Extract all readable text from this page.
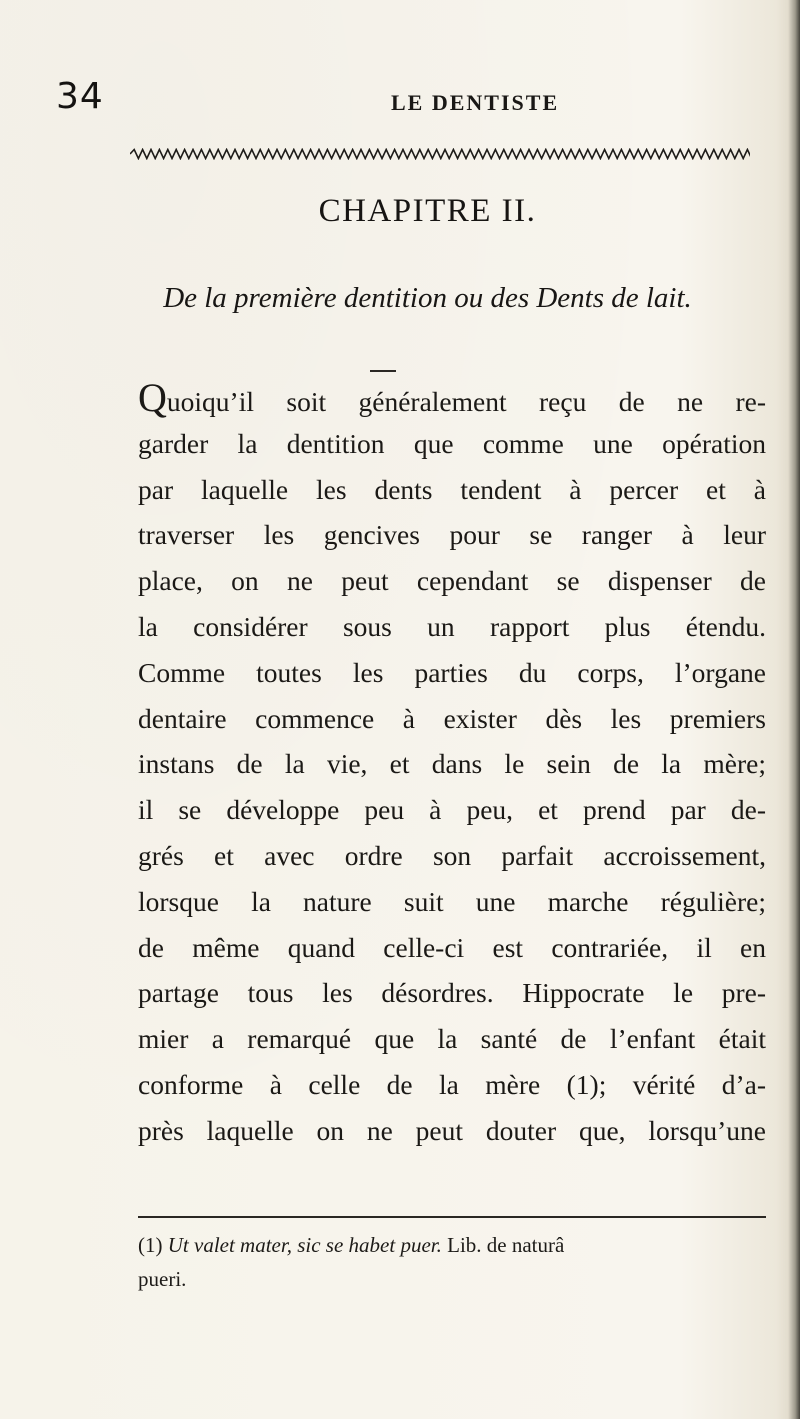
34	LE DENTISTE
CHAPITRE II.
De la première dentition ou des Dents de lait.
Quoiqu’il soit généralement reçu de ne re-
garder la dentition que comme une opération
par laquelle les dents tendent à percer et à
traverser les gencives pour se ranger à leur
place, on ne peut cependant se dispenser de
la considérer sous un rapport plus étendu.
Comme toutes les parties du corps, l’organe
dentaire commence à exister dès les premiers
instans de la vie, et dans le sein de la mère;
il se développe peu à peu, et prend par de-
grés et avec ordre son parfait accroissement,
lorsque la nature suit une marche régulière;
de même quand celle-ci est contrariée, il en
partage tous les désordres. Hippocrate le pre-
mier a remarqué que la santé de l’enfant était
conforme à celle de la mère (1); vérité d’a-
près laquelle on ne peut douter que, lorsqu’une
(1) Ut valet mater, sic se habet puer. Lib. de naturâ
pueri.
